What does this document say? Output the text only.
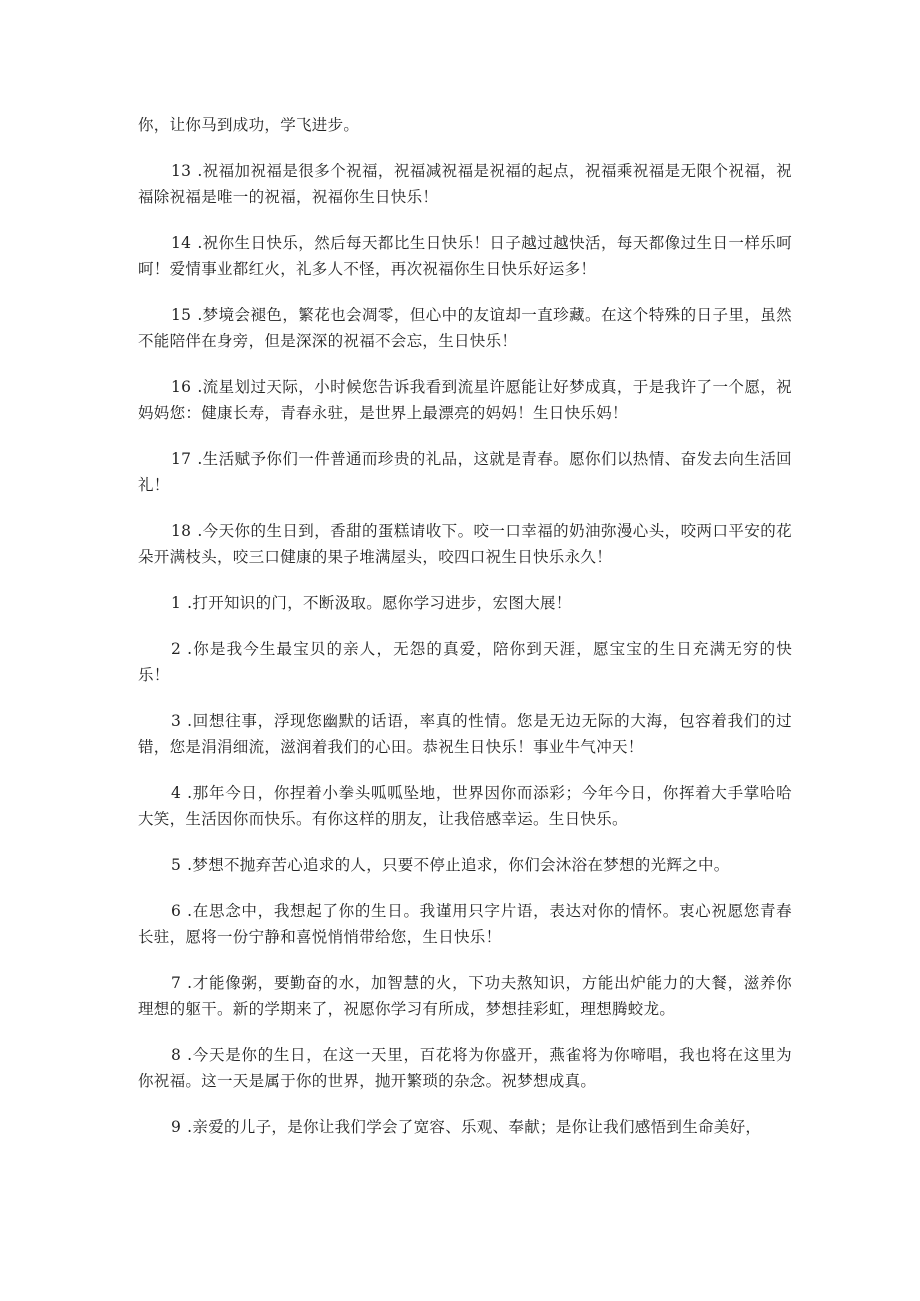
你，让你马到成功，学飞进步。

13 .祝福加祝福是很多个祝福，祝福减祝福是祝福的起点，祝福乘祝福是无限个祝福，祝福除祝福是唯一的祝福，祝福你生日快乐！

14 .祝你生日快乐，然后每天都比生日快乐！日子越过越快活，每天都像过生日一样乐呵呵！爱情事业都红火，礼多人不怪，再次祝福你生日快乐好运多！

15 .梦境会褪色，繁花也会凋零，但心中的友谊却一直珍藏。在这个特殊的日子里，虽然不能陪伴在身旁，但是深深的祝福不会忘，生日快乐！

16 .流星划过天际，小时候您告诉我看到流星许愿能让好梦成真，于是我许了一个愿，祝妈妈您：健康长寿，青春永驻，是世界上最漂亮的妈妈！生日快乐妈！

17 .生活赋予你们一件普通而珍贵的礼品，这就是青春。愿你们以热情、奋发去向生活回礼！

18 .今天你的生日到，香甜的蛋糕请收下。咬一口幸福的奶油弥漫心头，咬两口平安的花朵开满枝头，咬三口健康的果子堆满屋头，咬四口祝生日快乐永久！

1 .打开知识的门，不断汲取。愿你学习进步，宏图大展！

2 .你是我今生最宝贝的亲人，无怨的真爱，陪你到天涯，愿宝宝的生日充满无穷的快乐！

3 .回想往事，浮现您幽默的话语，率真的性情。您是无边无际的大海，包容着我们的过错，您是涓涓细流，滋润着我们的心田。恭祝生日快乐！事业牛气冲天！

4 .那年今日，你捏着小拳头呱呱坠地，世界因你而添彩；今年今日，你挥着大手掌哈哈大笑，生活因你而快乐。有你这样的朋友，让我倍感幸运。生日快乐。

5 .梦想不抛弃苦心追求的人，只要不停止追求，你们会沐浴在梦想的光辉之中。

6 .在思念中，我想起了你的生日。我谨用只字片语，表达对你的情怀。衷心祝愿您青春长驻，愿将一份宁静和喜悦悄悄带给您，生日快乐！

7 .才能像粥，要勤奋的水，加智慧的火，下功夫熬知识，方能出炉能力的大餐，滋养你理想的躯干。新的学期来了，祝愿你学习有所成，梦想挂彩虹，理想腾蛟龙。

8 .今天是你的生日，在这一天里，百花将为你盛开，燕雀将为你啼唱，我也将在这里为你祝福。这一天是属于你的世界，抛开繁琐的杂念。祝梦想成真。

9 .亲爱的儿子，是你让我们学会了宽容、乐观、奉献；是你让我们感悟到生命美好，
